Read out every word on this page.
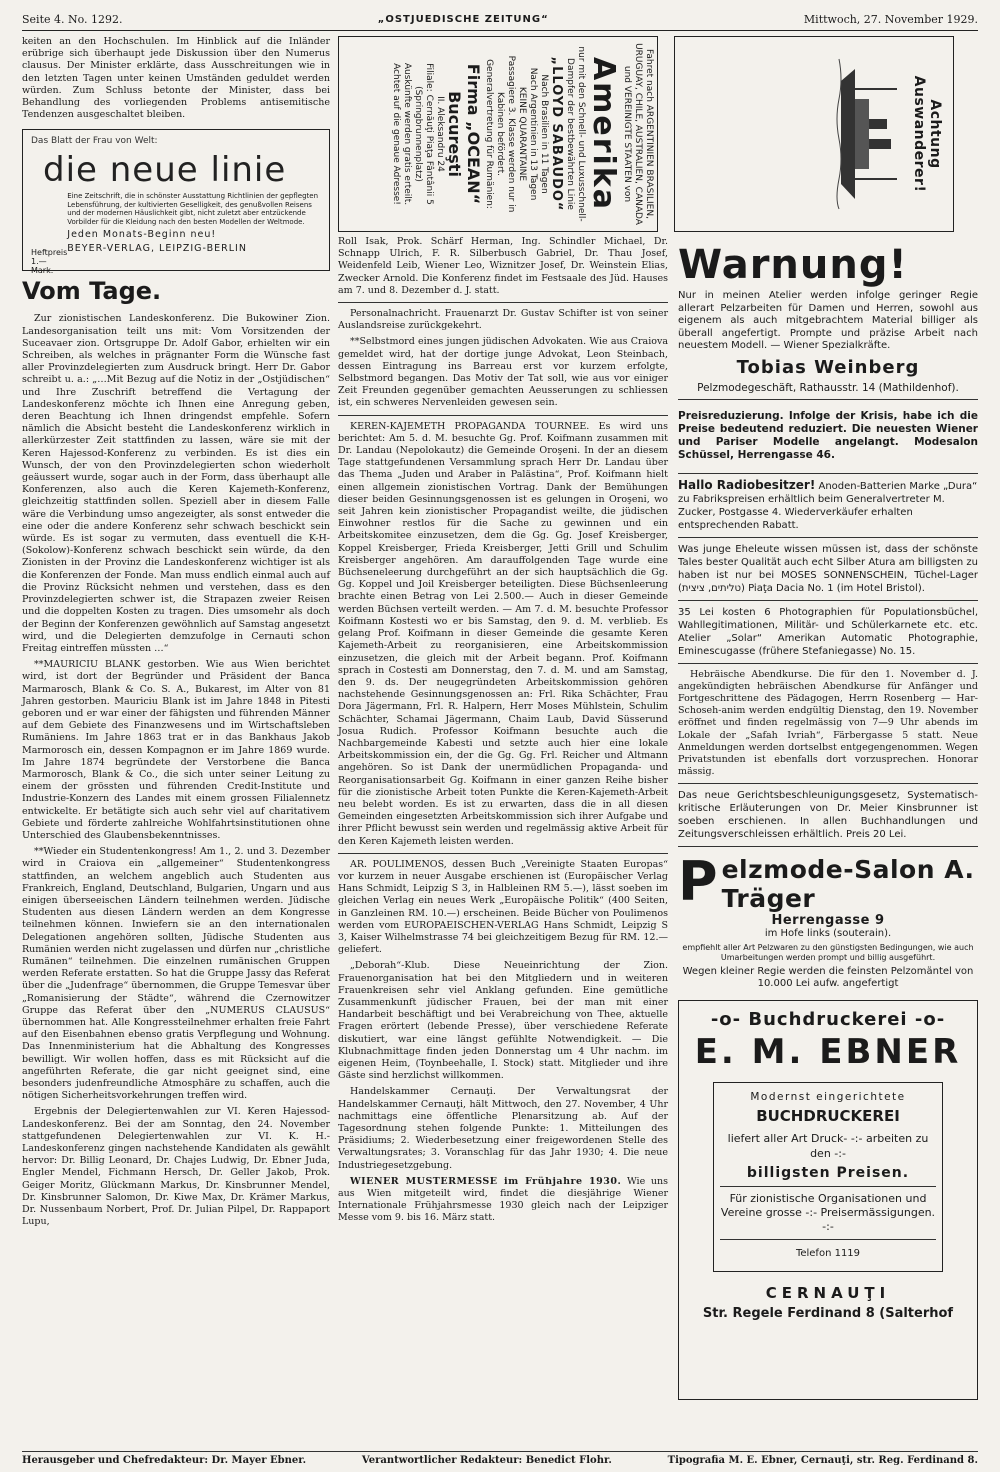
Seite 4. No. 1292.	„OSTJUEDISCHE ZEITUNG“	Mittwoch, 27. November 1929.

keiten an den Hochschulen. Im Hinblick auf die Inländer erübrige sich überhaupt jede Diskussion über den Numerus clausus. Der Minister erklärte, dass Ausschreitungen wie in den letzten Tagen unter keinen Umständen geduldet werden würden. Zum Schluss betonte der Minister, dass bei Behandlung des vorliegenden Problems antisemitische Tendenzen ausgeschaltet bleiben.

Das Blatt der Frau von Welt:
die neue linie
Heftpreis 1.— Mark.
Eine Zeitschrift, die in schönster Ausstattung Richtlinien der gepflegten Lebensführung, der kultivierten Geselligkeit, des genußvollen Reisens und der modernen Häuslichkeit gibt, nicht zuletzt aber entzückende Vorbilder für die Kleidung nach den besten Modellen der Weltmode.
Jeden Monats-Beginn neu!
BEYER-VERLAG, LEIPZIG-BERLIN
Vom Tage.

Zur zionistischen Landeskonferenz. Die Bukowiner Zion. Landesorganisation teilt uns mit: Vom Vorsitzenden der Suceavaer zion. Ortsgruppe Dr. Adolf Gabor, erhielten wir ein Schreiben, als welches in prägnanter Form die Wünsche fast aller Provinzdelegierten zum Ausdruck bringt. Herr Dr. Gabor schreibt u. a.: „…Mit Bezug auf die Notiz in der „Ostjüdischen“ und Ihre Zuschrift betreffend die Vertagung der Landeskonferenz möchte ich Ihnen eine Anregung geben, deren Beachtung ich Ihnen dringendst empfehle. Sofern nämlich die Absicht besteht die Landeskonferenz wirklich in allerkürzester Zeit stattfinden zu lassen, wäre sie mit der Keren Hajessod-Konferenz zu verbinden. Es ist dies ein Wunsch, der von den Provinzdelegierten schon wiederholt geäussert wurde, sogar auch in der Form, dass überhaupt alle Konferenzen, also auch die Keren Kajemeth-Konferenz, gleichzeitig stattfinden sollen. Speziell aber in diesem Falle wäre die Verbindung umso angezeigter, als sonst entweder die eine oder die andere Konferenz sehr schwach beschickt sein würde. Es ist sogar zu vermuten, dass eventuell die K-H-(Sokolow)-Konferenz schwach beschickt sein würde, da den Zionisten in der Provinz die Landeskonferenz wichtiger ist als die Konferenzen der Fonde. Man muss endlich einmal auch auf die Provinz Rücksicht nehmen und verstehen, dass es den Provinzdelegierten schwer ist, die Strapazen zweier Reisen und die doppelten Kosten zu tragen. Dies umsomehr als doch der Beginn der Konferenzen gewöhnlich auf Samstag angesetzt wird, und die Delegierten demzufolge in Cernauti schon Freitag eintreffen müssten …“

**MAURICIU BLANK gestorben. Wie aus Wien berichtet wird, ist dort der Begründer und Präsident der Banca Marmarosch, Blank & Co. S. A., Bukarest, im Alter von 81 Jahren gestorben. Mauriciu Blank ist im Jahre 1848 in Pitesti geboren und er war einer der fähigsten und führenden Männer auf dem Gebiete des Finanzwesens und im Wirtschaftsleben Rumäniens. Im Jahre 1863 trat er in das Bankhaus Jakob Marmorosch ein, dessen Kompagnon er im Jahre 1869 wurde. Im Jahre 1874 begründete der Verstorbene die Banca Marmorosch, Blank & Co., die sich unter seiner Leitung zu einem der grössten und führenden Credit-Institute und Industrie-Konzern des Landes mit einem grossen Filialennetz entwickelte. Er betätigte sich auch sehr viel auf charitativem Gebiete und förderte zahlreiche Wohlfahrtsinstitutionen ohne Unterschied des Glaubensbekenntnisses.

**Wieder ein Studentenkongress! Am 1., 2. und 3. Dezember wird in Craiova ein „allgemeiner“ Studentenkongress stattfinden, an welchem angeblich auch Studenten aus Frankreich, England, Deutschland, Bulgarien, Ungarn und aus einigen überseeischen Ländern teilnehmen werden. Jüdische Studenten aus diesen Ländern werden an dem Kongresse teilnehmen können. Inwiefern sie an den internationalen Delegationen angehören sollten, Jüdische Studenten aus Rumänien werden nicht zugelassen und dürfen nur „christliche Rumänen“ teilnehmen. Die einzelnen rumänischen Gruppen werden Referate erstatten. So hat die Gruppe Jassy das Referat über die „Judenfrage“ übernommen, die Gruppe Temesvar über „Romanisierung der Städte“, während die Czernowitzer Gruppe das Referat über den „NUMERUS CLAUSUS“ übernommen hat. Alle Kongressteilnehmer erhalten freie Fahrt auf den Eisenbahnen ebenso gratis Verpflegung und Wohnung. Das Innenministerium hat die Abhaltung des Kongresses bewilligt. Wir wollen hoffen, dass es mit Rücksicht auf die angeführten Referate, die gar nicht geeignet sind, eine besonders judenfreundliche Atmosphäre zu schaffen, auch die nötigen Sicherheitsvorkehrungen treffen wird.

Ergebnis der Delegiertenwahlen zur VI. Keren Hajessod-Landeskonferenz. Bei der am Sonntag, den 24. November stattgefundenen Delegiertenwahlen zur VI. K. H.-Landeskonferenz gingen nachstehende Kandidaten als gewählt hervor: Dr. Billig Leonard, Dr. Chajes Ludwig, Dr. Ebner Juda, Engler Mendel, Fichmann Hersch, Dr. Geller Jakob, Prok. Geiger Moritz, Glückmann Markus, Dr. Kinsbrunner Mendel, Dr. Kinsbrunner Salomon, Dr. Kiwe Max, Dr. Krämer Markus, Dr. Nussenbaum Norbert, Prof. Dr. Julian Pilpel, Dr. Rappaport Lupu,

Fahret nach ARGENTINIEN BRASILIEN, URUGUAY, CHILE, AUSTRALIEN, CANADA und VEREINIGTE STAATEN von
Amerika
nur mit den Schnell- und Luxusschnell-Dampfer der bestbewährten Linie
„LLOYD SABAUDO“
Nach Brasilien in 11 Tagen
Nach Argentinien in 13 Tagen
KEINE QUARANTAINE
Passagiere 3. Klasse werden nur in Kabinen befördert.
Generalvertretung für Rumänien:
Firma „OCEAN“ Bucureşti
II. Aleksandru 24
Filiale: Cernăuţi Piaţa Fântânii 5 (Springbrunnenplatz)
Auskünfte werden gratis erteilt.
Achtet auf die genaue Adresse!	Achtung Auswanderer!

Roll Isak, Prok. Schärf Herman, Ing. Schindler Michael, Dr. Schnapp Ulrich, F. R. Silberbusch Gabriel, Dr. Thau Josef, Weidenfeld Leib, Wiener Leo, Wiznitzer Josef, Dr. Weinstein Elias, Zwecker Arnold. Die Konferenz findet im Festsaale des Jüd. Hauses am 7. und 8. Dezember d. J. statt.

Personalnachricht. Frauenarzt Dr. Gustav Schifter ist von seiner Auslandsreise zurückgekehrt.

**Selbstmord eines jungen jüdischen Advokaten. Wie aus Craiova gemeldet wird, hat der dortige junge Advokat, Leon Steinbach, dessen Eintragung ins Barreau erst vor kurzem erfolgte, Selbstmord begangen. Das Motiv der Tat soll, wie aus vor einiger Zeit Freunden gegenüber gemachten Aeusserungen zu schliessen ist, ein schweres Nervenleiden gewesen sein.

KEREN-KAJEMETH PROPAGANDA TOURNEE. Es wird uns berichtet: Am 5. d. M. besuchte Gg. Prof. Koifmann zusammen mit Dr. Landau (Nepolokautz) die Gemeinde Oroşeni. In der an diesem Tage stattgefundenen Versammlung sprach Herr Dr. Landau über das Thema „Juden und Araber in Palästina“, Prof. Koifmann hielt einen allgemein zionistischen Vortrag. Dank der Bemühungen dieser beiden Gesinnungsgenossen ist es gelungen in Oroşeni, wo seit Jahren kein zionistischer Propagandist weilte, die jüdischen Einwohner restlos für die Sache zu gewinnen und ein Arbeitskomitee einzusetzen, dem die Gg. Gg. Josef Kreisberger, Koppel Kreisberger, Frieda Kreisberger, Jetti Grill und Schulim Kreisberger angehören. Am darauffolgenden Tage wurde eine Büchseneleerung durchgeführt an der sich hauptsächlich die Gg. Gg. Koppel und Joil Kreisberger beteiligten. Diese Büchsenleerung brachte einen Betrag von Lei 2.500.— Auch in dieser Gemeinde werden Büchsen verteilt werden. — Am 7. d. M. besuchte Professor Koifmann Kostesti wo er bis Samstag, den 9. d. M. verblieb. Es gelang Prof. Koifmann in dieser Gemeinde die gesamte Keren Kajemeth-Arbeit zu reorganisieren, eine Arbeitskommission einzusetzen, die gleich mit der Arbeit begann. Prof. Koifmann sprach in Costesti am Donnerstag, den 7. d. M. und am Samstag, den 9. ds. Der neugegründeten Arbeitskommission gehören nachstehende Gesinnungsgenossen an: Frl. Rika Schächter, Frau Dora Jägermann, Frl. R. Halpern, Herr Moses Mühlstein, Schulim Schächter, Schamai Jägermann, Chaim Laub, David Süsserund Josua Rudich. Professor Koifmann besuchte auch die Nachbargemeinde Kabesti und setzte auch hier eine lokale Arbeitskommission ein, der die Gg. Gg. Frl. Reicher und Altmann angehören. So ist Dank der unermüdlichen Propaganda- und Reorganisationsarbeit Gg. Koifmann in einer ganzen Reihe bisher für die zionistische Arbeit toten Punkte die Keren-Kajemeth-Arbeit neu belebt worden. Es ist zu erwarten, dass die in all diesen Gemeinden eingesetzten Arbeitskommission sich ihrer Aufgabe und ihrer Pflicht bewusst sein werden und regelmässig aktive Arbeit für den Keren Kajemeth leisten werden.

AR. POULIMENOS, dessen Buch „Vereinigte Staaten Europas“ vor kurzem in neuer Ausgabe erschienen ist (Europäischer Verlag Hans Schmidt, Leipzig S 3, in Halbleinen RM 5.—), lässt soeben im gleichen Verlag ein neues Werk „Europäische Politik“ (400 Seiten, in Ganzleinen RM. 10.—) erscheinen. Beide Bücher von Poulimenos werden vom EUROPAEISCHEN-VERLAG Hans Schmidt, Leipzig S 3, Kaiser Wilhelmstrasse 74 bei gleichzeitigem Bezug für RM. 12.— geliefert.

„Deborah“-Klub. Diese Neueinrichtung der Zion. Frauenorganisation hat bei den Mitgliedern und in weiteren Frauenkreisen sehr viel Anklang gefunden. Eine gemütliche Zusammenkunft jüdischer Frauen, bei der man mit einer Handarbeit beschäftigt und bei Verabreichung von Thee, aktuelle Fragen erörtert (lebende Presse), über verschiedene Referate diskutiert, war eine längst gefühlte Notwendigkeit. — Die Klubnachmittage finden jeden Donnerstag um 4 Uhr nachm. im eigenen Heim, (Toynbeehalle, I. Stock) statt. Mitglieder und ihre Gäste sind herzlichst willkommen.

Handelskammer Cernauţi. Der Verwaltungsrat der Handelskammer Cernauţi, hält Mittwoch, den 27. November, 4 Uhr nachmittags eine öffentliche Plenarsitzung ab. Auf der Tagesordnung stehen folgende Punkte: 1. Mitteilungen des Präsidiums; 2. Wiederbesetzung einer freigewordenen Stelle des Verwaltungsrates; 3. Voranschlag für das Jahr 1930; 4. Die neue Industriegesetzgebung.

WIENER MUSTERMESSE im Frühjahre 1930. Wie uns aus Wien mitgeteilt wird, findet die diesjährige Wiener Internationale Frühjahrsmesse 1930 gleich nach der Leipziger Messe vom 9. bis 16. März statt.

Warnung!

Nur in meinen Atelier werden infolge geringer Regie allerart Pelzarbeiten für Damen und Herren, sowohl aus eigenem als auch mitgebrachtem Material billiger als überall angefertigt. Prompte und präzise Arbeit nach neuestem Modell. — Wiener Spezialkräfte.

Tobias Weinberg
Pelzmodegeschäft, Rathausstr. 14 (Mathildenhof).

Preisreduzierung. Infolge der Krisis, habe ich die Preise bedeutend reduziert. Die neuesten Wiener und Pariser Modelle angelangt. Modesalon Schüssel, Herrengasse 46.

Hallo Radiobesitzer! Anoden-Batterien Marke „Dura“ zu Fabrikspreisen erhältlich beim Generalvertreter M. Zucker, Postgasse 4. Wiederverkäufer erhalten entsprechenden Rabatt.

Was junge Eheleute wissen müssen ist, dass der schönste Tales bester Qualität auch echt Silber Atura am billigsten zu haben ist nur bei MOSES SONNENSCHEIN, Tüchel-Lager (טליתים, ציצית) Piaţa Dacia No. 1 (im Hotel Bristol).

35 Lei kosten 6 Photographien für Populationsbüchel, Wahllegitimationen, Militär- und Schülerkarnete etc. etc. Atelier „Solar“ Amerikan Automatic Photographie, Eminescugasse (frühere Stefaniegasse) No. 15.

Hebräische Abendkurse. Die für den 1. November d. J. angekündigten hebräischen Abendkurse für Anfänger und Fortgeschrittene des Pädagogen, Herrn Rosenberg — Har-Schoseh-anim werden endgültig Dienstag, den 19. November eröffnet und finden regelmässig von 7—9 Uhr abends im Lokale der „Safah Ivriah“, Färbergasse 5 statt. Neue Anmeldungen werden dortselbst entgegengenommen. Wegen Privatstunden ist ebenfalls dort vorzusprechen. Honorar mässig.

Das neue Gerichtsbeschleunigungsgesetz, Systematisch-kritische Erläuterungen von Dr. Meier Kinsbrunner ist soeben erschienen. In allen Buchhandlungen und Zeitungsverschleissen erhältlich. Preis 20 Lei.

P elzmode-Salon A. Träger
Herrengasse 9
im Hofe links (souterain).
empfiehlt aller Art Pelzwaren zu den günstigsten Bedingungen, wie auch Umarbeitungen werden prompt und billig ausgeführt.
Wegen kleiner Regie werden die feinsten Pelzomäntel von 10.000 Lei aufw. angefertigt
-o- Buchdruckerei -o-
E. M. EBNER
Modernst eingerichtete
BUCHDRUCKEREI
liefert aller Art Druck- -:- arbeiten zu den -:-
billigsten Preisen.
Für zionistische Organisationen und Vereine grosse -:- Preisermässigungen. -:-
Telefon 1119
CERNAUŢI
Str. Regele Ferdinand 8 (Salterhof
Herausgeber und Chefredakteur: Dr. Mayer Ebner.	Verantwortlicher Redakteur: Benedict Flohr.	Tipografia M. E. Ebner, Cernauţi, str. Reg. Ferdinand 8.
